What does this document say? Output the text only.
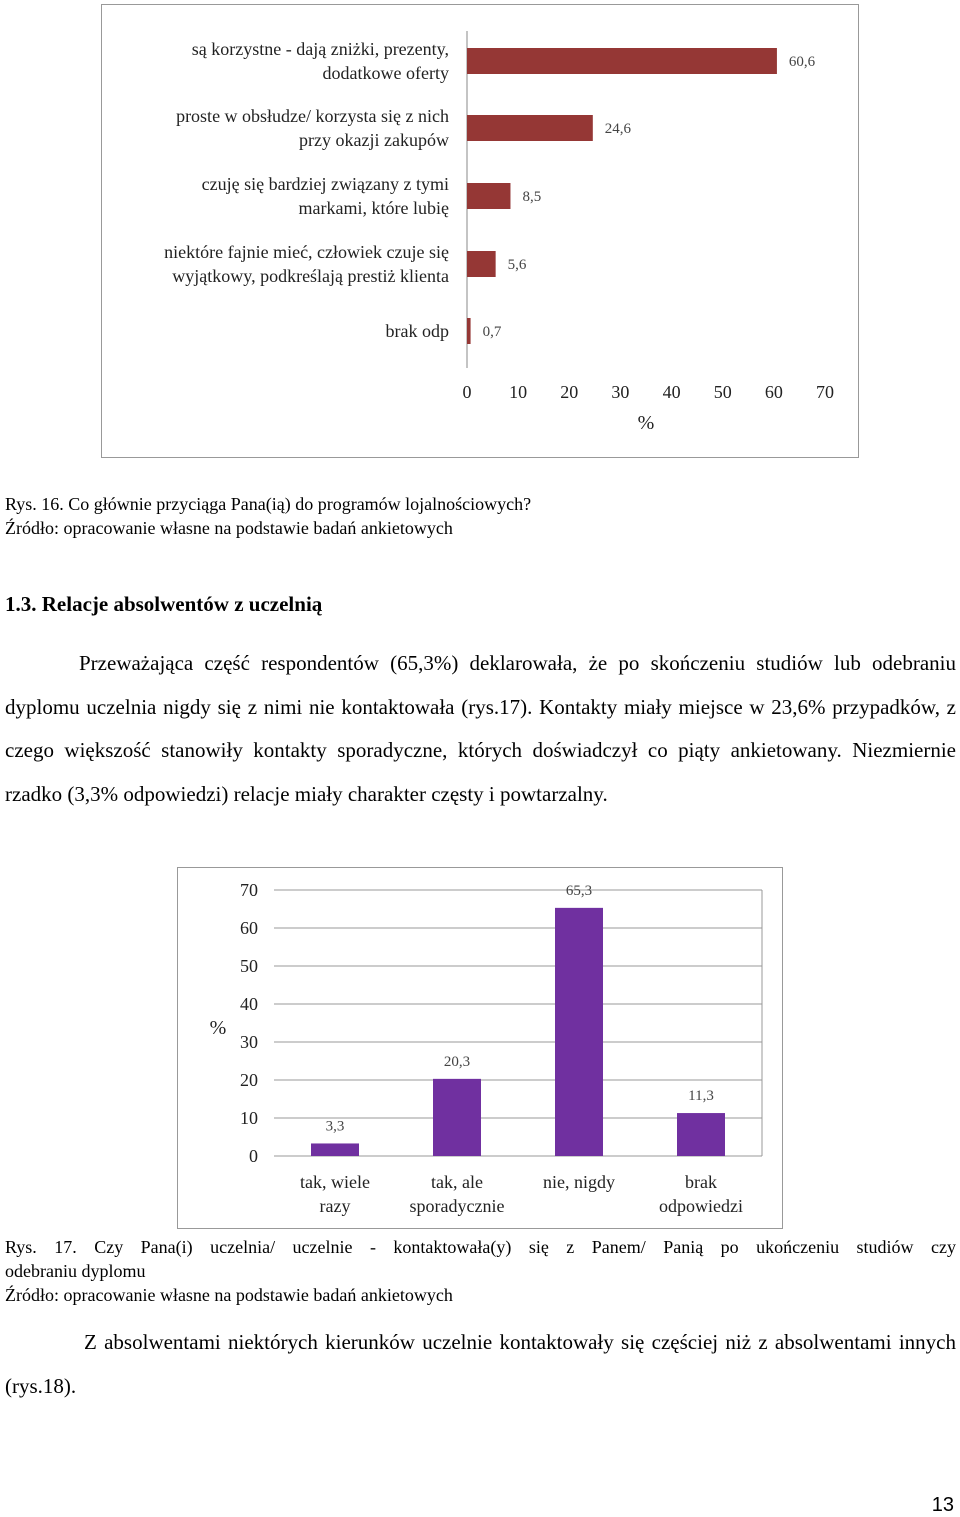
60,6
są korzystne - dają zniżki, prezenty,
dodatkowe oferty
24,6
proste w obsłudze/ korzysta się z nich
przy okazji zakupów
8,5
czuję się bardziej związany z tymi
markami, które lubię
5,6
niektóre fajnie mieć, człowiek czuje się
wyjątkowy, podkreślają prestiż klienta
0,7
brak odp
0 10 20 30 40 50 60 70
%
Rys. 16. Co głównie przyciąga Pana(ią) do programów lojalnościowych?
Źródło: opracowanie własne na podstawie badań ankietowych
1.3. Relacje absolwentów z uczelnią
Przeważająca część respondentów (65,3%) deklarowała, że po skończeniu studiów lub odebraniu dyplomu uczelnia nigdy się z nimi nie kontaktowała (rys.17). Kontakty miały miejsce w 23,6% przypadków, z czego większość stanowiły kontakty sporadyczne, których doświadczył co piąty ankietowany. Niezmiernie rzadko (3,3% odpowiedzi) relacje miały charakter częsty i powtarzalny.
0
10
20
30
40
50
60
70
3,3
tak, wiele
razy
20,3
tak, ale
sporadycznie
65,3
nie, nigdy
11,3
brak
odpowiedzi
%
Rys. 17. Czy Pana(i) uczelnia/ uczelnie - kontaktowała(y) się z Panem/ Panią po ukończeniu studiów czy
odebraniu dyplomu
Źródło: opracowanie własne na podstawie badań ankietowych
Z absolwentami niektórych kierunków uczelnie kontaktowały się częściej niż z absolwentami innych (rys.18).
13
